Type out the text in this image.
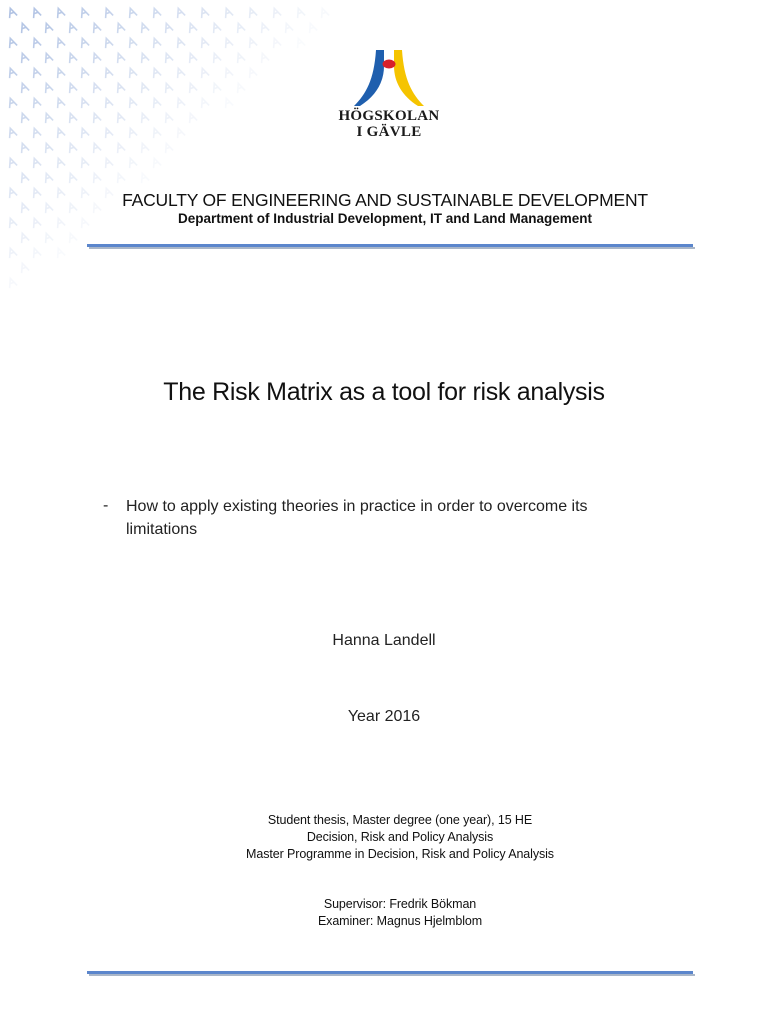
HÖGSKOLAN
I GÄVLE
FACULTY OF ENGINEERING AND SUSTAINABLE DEVELOPMENT
Department of Industrial Development, IT and Land Management
The Risk Matrix as a tool for risk analysis
- How to apply existing theories in practice in order to overcome its limitations
Hanna Landell
Year 2016
Student thesis, Master degree (one year), 15 HE
Decision, Risk and Policy Analysis
Master Programme in Decision, Risk and Policy Analysis
Supervisor: Fredrik Bökman
Examiner: Magnus Hjelmblom
